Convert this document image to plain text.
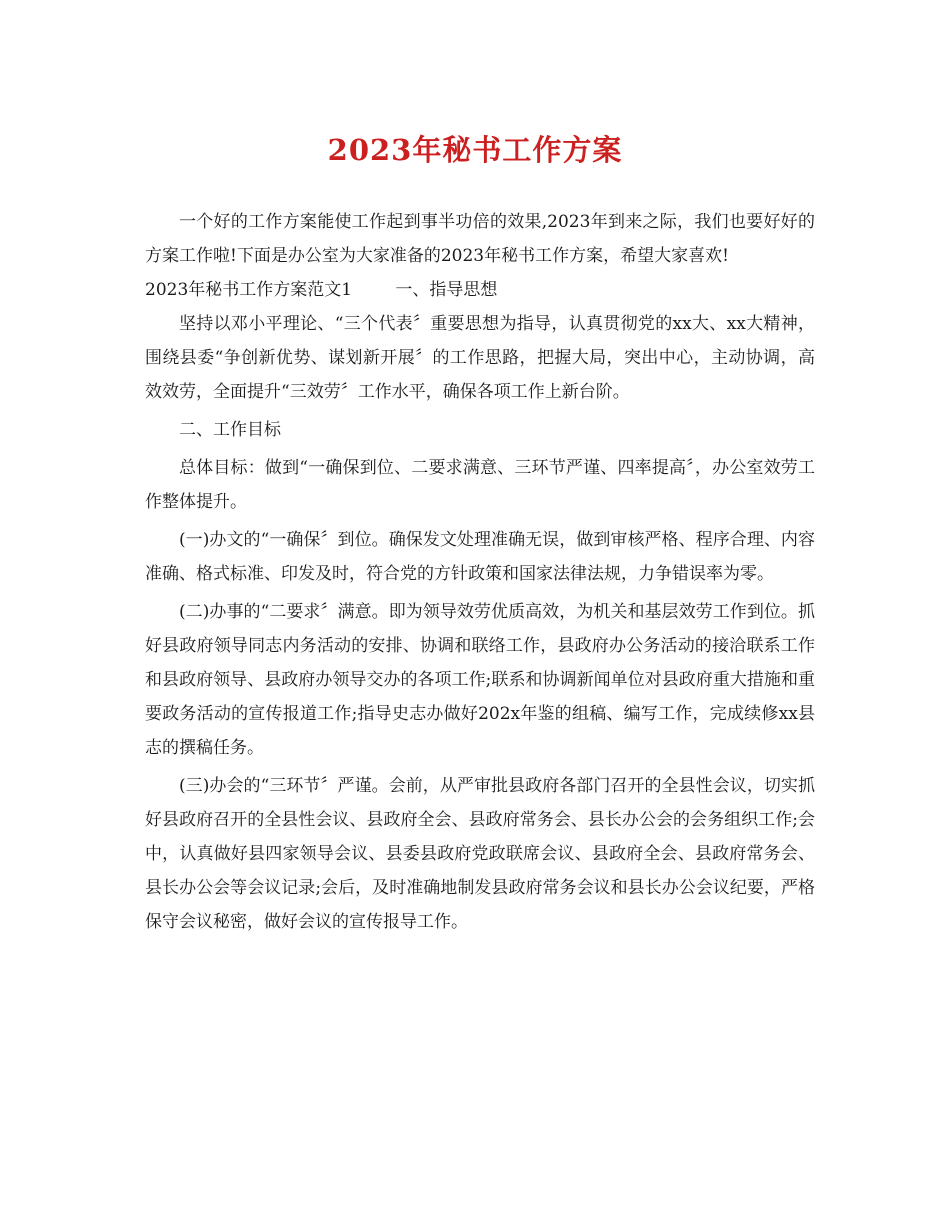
2023年秘书工作方案

一个好的工作方案能使工作起到事半功倍的效果,2023年到来之际，我们也要好好的方案工作啦!下面是办公室为大家准备的2023年秘书工作方案，希望大家喜欢!

2023年秘书工作方案范文1	一、指导思想

坚持以邓小平理论、“三个代表〞重要思想为指导，认真贯彻党的xx大、xx大精神，围绕县委“争创新优势、谋划新开展〞的工作思路，把握大局，突出中心，主动协调，高效效劳，全面提升“三效劳〞工作水平，确保各项工作上新台阶。

二、工作目标

总体目标：做到“一确保到位、二要求满意、三环节严谨、四率提高〞，办公室效劳工作整体提升。

(一)办文的“一确保〞到位。确保发文处理准确无误，做到审核严格、程序合理、内容准确、格式标准、印发及时，符合党的方针政策和国家法律法规，力争错误率为零。

(二)办事的“二要求〞满意。即为领导效劳优质高效，为机关和基层效劳工作到位。抓好县政府领导同志内务活动的安排、协调和联络工作，县政府办公务活动的接洽联系工作和县政府领导、县政府办领导交办的各项工作;联系和协调新闻单位对县政府重大措施和重要政务活动的宣传报道工作;指导史志办做好202x年鉴的组稿、编写工作，完成续修xx县志的撰稿任务。

(三)办会的“三环节〞严谨。会前，从严审批县政府各部门召开的全县性会议，切实抓好县政府召开的全县性会议、县政府全会、县政府常务会、县长办公会的会务组织工作;会中，认真做好县四家领导会议、县委县政府党政联席会议、县政府全会、县政府常务会、县长办公会等会议记录;会后，及时准确地制发县政府常务会议和县长办公会议纪要，严格保守会议秘密，做好会议的宣传报导工作。
